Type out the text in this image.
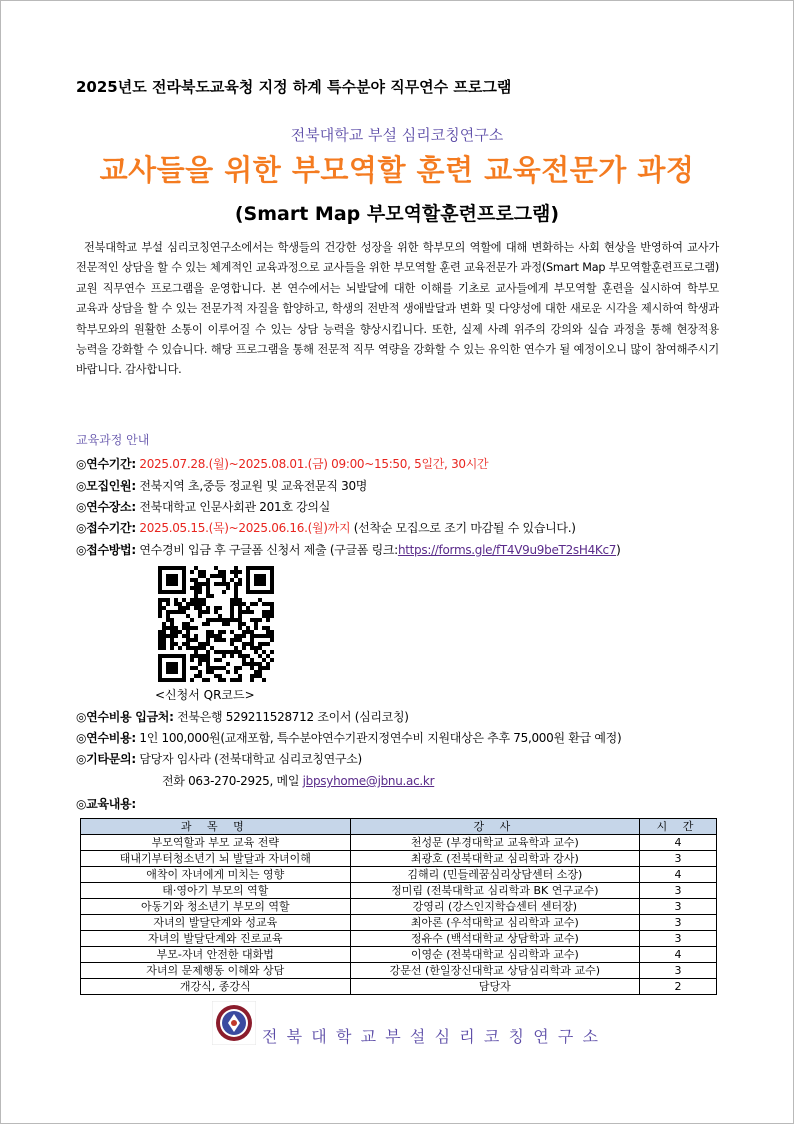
2025년도 전라북도교육청 지정 하계 특수분야 직무연수 프로그램
전북대학교 부설 심리코칭연구소
교사들을 위한 부모역할 훈련 교육전문가 과정
(Smart Map 부모역할훈련프로그램)
전북대학교 부설 심리코칭연구소에서는 학생들의 건강한 성장을 위한 학부모의 역할에 대해 변화하는 사회 현상을 반영하여 교사가 전문적인 상담을 할 수 있는 체계적인 교육과정으로 교사들을 위한 부모역할 훈련 교육전문가 과정(Smart Map 부모역할훈련프로그램) 교원 직무연수 프로그램을 운영합니다. 본 연수에서는 뇌발달에 대한 이해를 기초로 교사들에게 부모역할 훈련을 실시하여 학부모 교육과 상담을 할 수 있는 전문가적 자질을 함양하고, 학생의 전반적 생애발달과 변화 및 다양성에 대한 새로운 시각을 제시하여 학생과 학부모와의 원활한 소통이 이루어질 수 있는 상담 능력을 향상시킵니다. 또한, 실제 사례 위주의 강의와 실습 과정을 통해 현장적용 능력을 강화할 수 있습니다. 해당 프로그램을 통해 전문적 직무 역량을 강화할 수 있는 유익한 연수가 될 예정이오니 많이 참여해주시기 바랍니다. 감사합니다.
교육과정 안내
◎연수기간: 2025.07.28.(월)~2025.08.01.(금) 09:00~15:50, 5일간, 30시간
◎모집인원: 전북지역 초,중등 정교원 및 교육전문직 30명
◎연수장소: 전북대학교 인문사회관 201호 강의실
◎접수기간: 2025.05.15.(목)~2025.06.16.(월)까지 (선착순 모집으로 조기 마감될 수 있습니다.)
◎접수방법: 연수경비 입금 후 구글폼 신청서 제출 (구글폼 링크:https://forms.gle/fT4V9u9beT2sH4Kc7)
<신청서 QR코드>
◎연수비용 입금처: 전북은행 529211528712 조이서 (심리코칭)
◎연수비용: 1인 100,000원(교재포함, 특수분야연수기관지정연수비 지원대상은 추후 75,000원 환급 예정)
◎기타문의: 담당자 임사라 (전북대학교 심리코칭연구소)
전화 063-270-2925, 메일 jbpsyhome@jbnu.ac.kr
◎교육내용:
과 목 명	강 사	시 간
부모역할과 부모 교육 전략	천성문 (부경대학교 교육학과 교수)	4
태내기부터청소년기 뇌 발달과 자녀이해	최광호 (전북대학교 심리학과 강사)	3
애착이 자녀에게 미치는 영향	김해리 (민들레꿈심리상담센터 소장)	4
태·영아기 부모의 역할	정미림 (전북대학교 심리학과 BK 연구교수)	3
아동기와 청소년기 부모의 역할	강영리 (강스인지학습센터 센터장)	3
자녀의 발달단계와 성교육	최아론 (우석대학교 심리학과 교수)	3
자녀의 발달단계와 진로교육	정유수 (백석대학교 상담학과 교수)	3
부모-자녀 안전한 대화법	이영순 (전북대학교 심리학과 교수)	4
자녀의 문제행동 이해와 상담	강문선 (한일장신대학교 상담심리학과 교수)	3
개강식, 종강식	담당자	2
전북대학교부설심리코칭연구소
